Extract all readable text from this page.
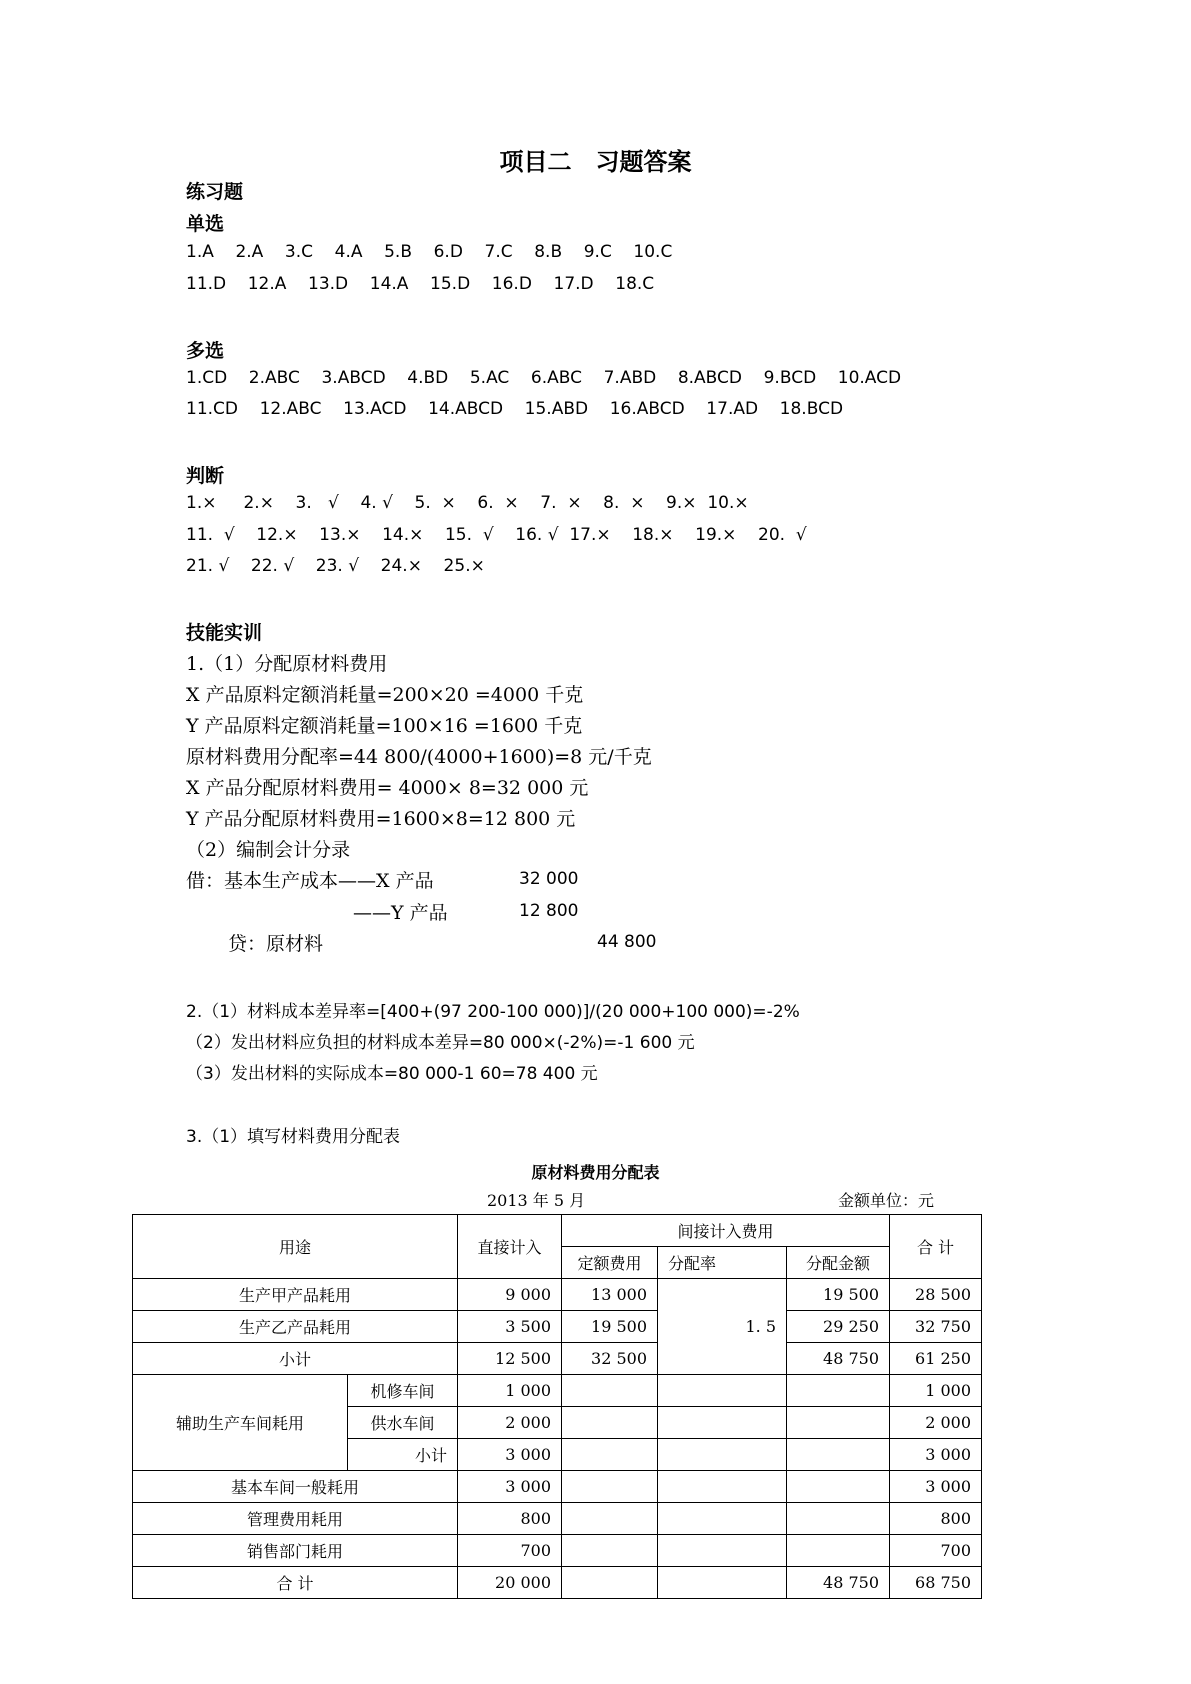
项目二　习题答案
练习题
单选
1.A    2.A    3.C    4.A    5.B    6.D    7.C    8.B    9.C    10.C
11.D    12.A    13.D    14.A    15.D    16.D    17.D    18.C
多选
1.CD    2.ABC    3.ABCD    4.BD    5.AC    6.ABC    7.ABD    8.ABCD    9.BCD    10.ACD
11.CD    12.ABC    13.ACD    14.ABCD    15.ABD    16.ABCD    17.AD    18.BCD
判断
1.×     2.×    3.   √    4. √    5.  ×    6.  ×    7.  ×    8.  ×    9.×  10.×
11.  √    12.×    13.×    14.×    15.  √    16. √  17.×    18.×    19.×    20.  √
21. √    22. √    23. √    24.×    25.×
技能实训
1.（1）分配原材料费用
X 产品原料定额消耗量=200×20 =4000 千克
Y 产品原料定额消耗量=100×16 =1600 千克
原材料费用分配率=44 800/(4000+1600)=8 元/千克
X 产品分配原材料费用= 4000× 8=32 000 元
Y 产品分配原材料费用=1600×8=12 800 元
（2）编制会计分录
借：基本生产成本——X 产品	32 000
——Y 产品	12 800
贷：原材料	44 800
2.（1）材料成本差异率=[400+(97 200-100 000)]/(20 000+100 000)=-2%
（2）发出材料应负担的材料成本差异=80 000×(-2%)=-1 600 元
（3）发出材料的实际成本=80 000-1 60=78 400 元
3.（1）填写材料费用分配表
原材料费用分配表
2013 年 5 月	金额单位：元
用途		直接计入	间接计入费用			合 计
			定额费用	分配率	分配金额	
生产甲产品耗用		9 000	13 000	1. 5	19 500	28 500
生产乙产品耗用		3 500	19 500		29 250	32 750
小计		12 500	32 500		48 750	61 250
辅助生产车间耗用	机修车间	1 000				1 000
	供水车间	2 000				2 000
	小计	3 000				3 000
基本车间一般耗用		3 000				3 000
管理费用耗用		800				800
销售部门耗用		700				700
合 计		20 000			48 750	68 750
